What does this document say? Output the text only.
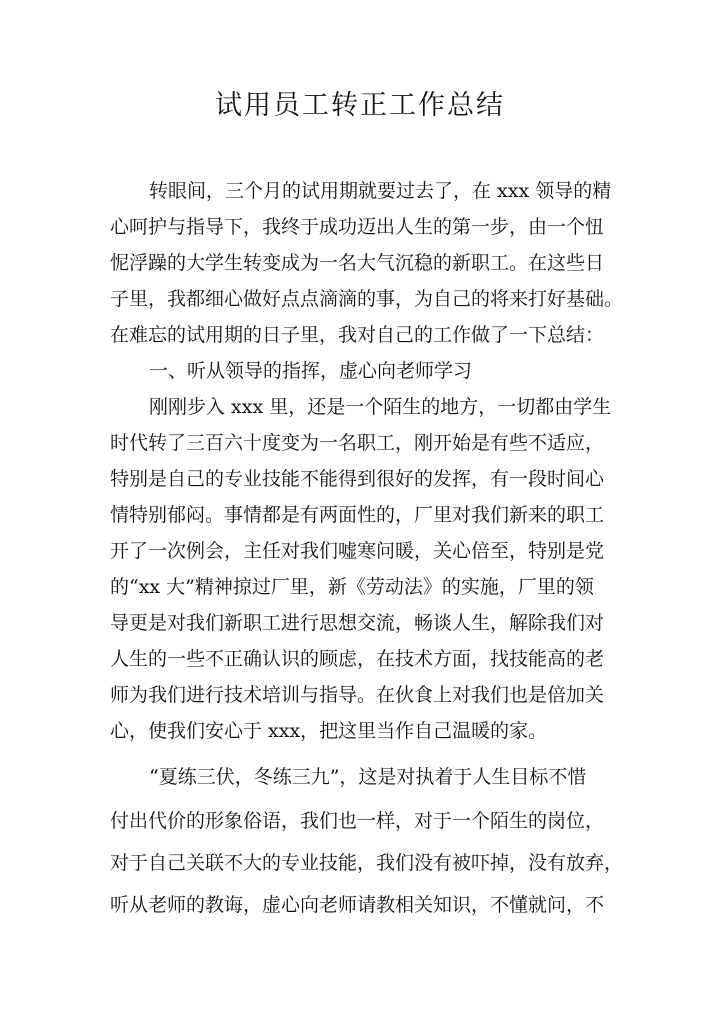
试用员工转正工作总结
转眼间，三个月的试用期就要过去了，在 xxx 领导的精
心呵护与指导下，我终于成功迈出人生的第一步，由一个忸
怩浮躁的大学生转变成为一名大气沉稳的新职工。在这些日
子里，我都细心做好点点滴滴的事，为自己的将来打好基础。
在难忘的试用期的日子里，我对自己的工作做了一下总结：
一、听从领导的指挥，虚心向老师学习
刚刚步入 xxx 里，还是一个陌生的地方，一切都由学生
时代转了三百六十度变为一名职工，刚开始是有些不适应，
特别是自己的专业技能不能得到很好的发挥，有一段时间心
情特别郁闷。事情都是有两面性的，厂里对我们新来的职工
开了一次例会，主任对我们嘘寒问暖，关心倍至，特别是党
的“xx 大”精神掠过厂里，新《劳动法》的实施，厂里的领
导更是对我们新职工进行思想交流，畅谈人生，解除我们对
人生的一些不正确认识的顾虑，在技术方面，找技能高的老
师为我们进行技术培训与指导。在伙食上对我们也是倍加关
心，使我们安心于 xxx，把这里当作自己温暖的家。
“夏练三伏，冬练三九”，这是对执着于人生目标不惜
付出代价的形象俗语，我们也一样，对于一个陌生的岗位，
对于自己关联不大的专业技能，我们没有被吓掉，没有放弃，
听从老师的教诲，虚心向老师请教相关知识，不懂就问，不
